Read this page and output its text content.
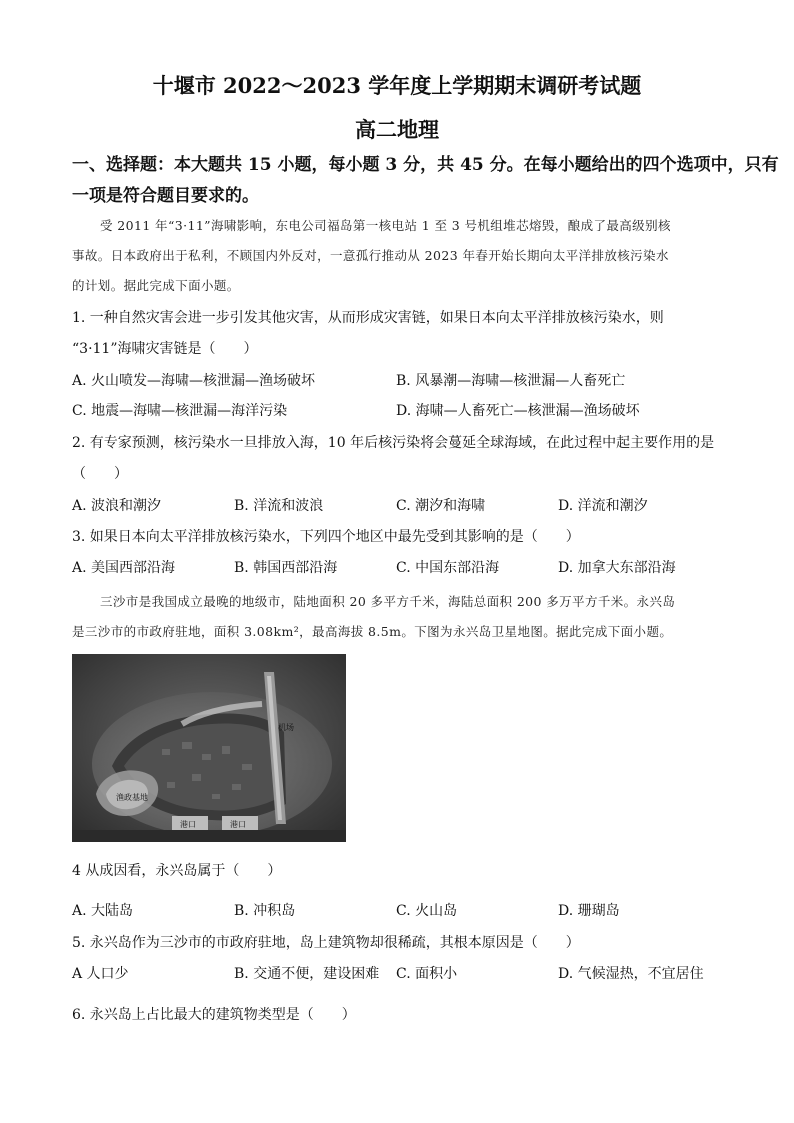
十堰市 2022～2023 学年度上学期期末调研考试题
高二地理
一、选择题：本大题共 15 小题，每小题 3 分，共 45 分。在每小题给出的四个选项中，只有
一项是符合题目要求的。
受 2011 年“3·11”海啸影响，东电公司福岛第一核电站 1 至 3 号机组堆芯熔毁，酿成了最高级别核
事故。日本政府出于私利，不顾国内外反对，一意孤行推动从 2023 年春开始长期向太平洋排放核污染水
的计划。据此完成下面小题。
1. 一种自然灾害会进一步引发其他灾害，从而形成灾害链，如果日本向太平洋排放核污染水，则
“3·11”海啸灾害链是（　　）
A. 火山喷发—海啸—核泄漏—渔场破坏	B. 风暴潮—海啸—核泄漏—人畜死亡
C. 地震—海啸—核泄漏—海洋污染	D. 海啸—人畜死亡—核泄漏—渔场破坏
2. 有专家预测，核污染水一旦排放入海，10 年后核污染将会蔓延全球海域，在此过程中起主要作用的是
（　　）
A. 波浪和潮汐	B. 洋流和波浪	C. 潮汐和海啸	D. 洋流和潮汐
3. 如果日本向太平洋排放核污染水，下列四个地区中最先受到其影响的是（　　）
A. 美国西部沿海	B. 韩国西部沿海	C. 中国东部沿海	D. 加拿大东部沿海
三沙市是我国成立最晚的地级市，陆地面积 20 多平方千米，海陆总面积 200 多万平方千米。永兴岛
是三沙市的市政府驻地，面积 3.08km²，最高海拔 8.5m。下图为永兴岛卫星地图。据此完成下面小题。
机场
渔政基地
港口	港口
4 从成因看，永兴岛属于（　　）
A. 大陆岛	B. 冲积岛	C. 火山岛	D. 珊瑚岛
5. 永兴岛作为三沙市的市政府驻地，岛上建筑物却很稀疏，其根本原因是（　　）
A 人口少	B. 交通不便，建设困难 C. 面积小	D. 气候湿热，不宜居住
6. 永兴岛上占比最大的建筑物类型是（　　）
